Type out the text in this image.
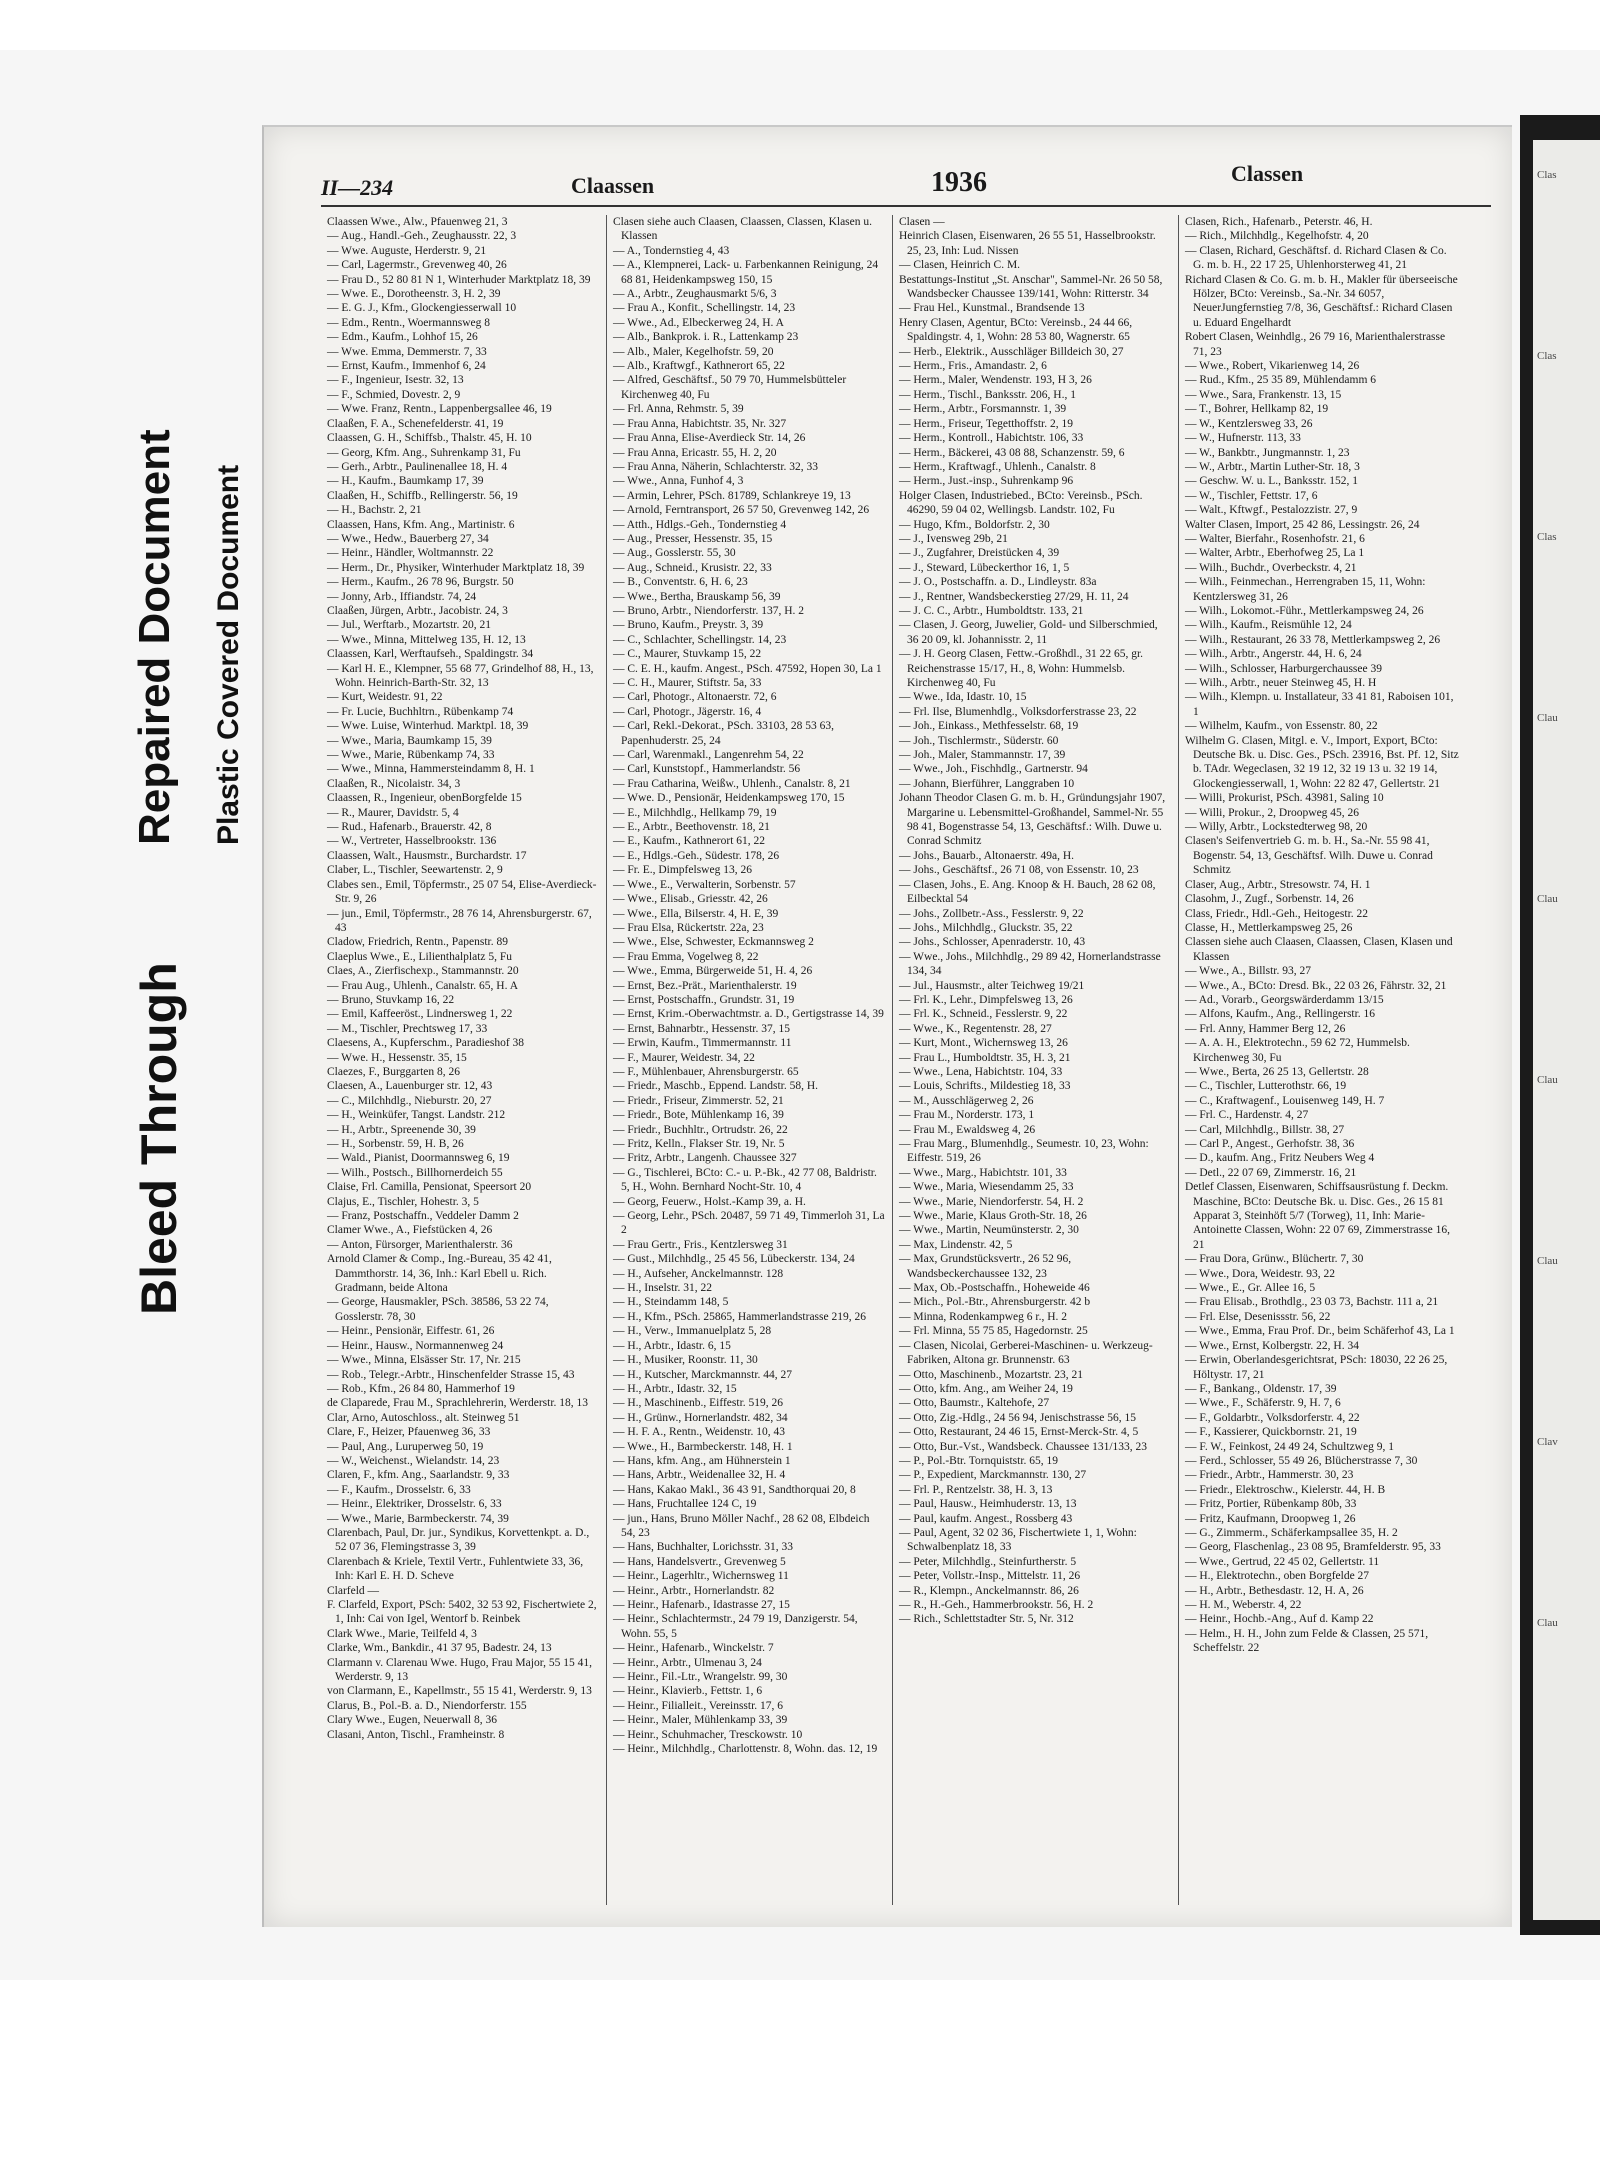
Bleed Through
Repaired Document Plastic Covered Document
Clas
Clas
Clas
Clau
Clau
Clau
Clau
Clav
Clau
II—234	Claassen	1936	Classen

Claassen Wwe., Alw., Pfauenweg 21, 3

— Aug., Handl.-Geh., Zeughausstr. 22, 3

— Wwe. Auguste, Herderstr. 9, 21

— Carl, Lagermstr., Grevenweg 40, 26

— Frau D., 52 80 81 N 1, Winterhuder Marktplatz 18, 39

— Wwe. E., Dorotheenstr. 3, H. 2, 39

— E. G. J., Kfm., Glockengiesserwall 10

— Edm., Rentn., Woermannsweg 8

— Edm., Kaufm., Lohhof 15, 26

— Wwe. Emma, Demmerstr. 7, 33

— Ernst, Kaufm., Immenhof 6, 24

— F., Ingenieur, Isestr. 32, 13

— F., Schmied, Dovestr. 2, 9

— Wwe. Franz, Rentn., Lappenbergsallee 46, 19

Claaßen, F. A., Schenefelderstr. 41, 19

Claassen, G. H., Schiffsb., Thalstr. 45, H. 10

— Georg, Kfm. Ang., Suhrenkamp 31, Fu

— Gerh., Arbtr., Paulinenallee 18, H. 4

— H., Kaufm., Baumkamp 17, 39

Claaßen, H., Schiffb., Rellingerstr. 56, 19

— H., Bachstr. 2, 21

Claassen, Hans, Kfm. Ang., Martinistr. 6

— Wwe., Hedw., Bauerberg 27, 34

— Heinr., Händler, Woltmannstr. 22

— Herm., Dr., Physiker, Winterhuder Marktplatz 18, 39

— Herm., Kaufm., 26 78 96, Burgstr. 50

— Jonny, Arb., Iffiandstr. 74, 24

Claaßen, Jürgen, Arbtr., Jacobistr. 24, 3

— Jul., Werftarb., Mozartstr. 20, 21

— Wwe., Minna, Mittelweg 135, H. 12, 13

Claassen, Karl, Werftaufseh., Spaldingstr. 34

— Karl H. E., Klempner, 55 68 77, Grindelhof 88, H., 13, Wohn. Heinrich-Barth-Str. 32, 13

— Kurt, Weidestr. 91, 22

— Fr. Lucie, Buchhltrn., Rübenkamp 74

— Wwe. Luise, Winterhud. Marktpl. 18, 39

— Wwe., Maria, Baumkamp 15, 39

— Wwe., Marie, Rübenkamp 74, 33

— Wwe., Minna, Hammersteindamm 8, H. 1

Claaßen, R., Nicolaistr. 34, 3

Claassen, R., Ingenieur, obenBorgfelde 15

— R., Maurer, Davidstr. 5, 4

— Rud., Hafenarb., Brauerstr. 42, 8

— W., Vertreter, Hasselbrookstr. 136

Claassen, Walt., Hausmstr., Burchardstr. 17

Claber, L., Tischler, Seewartenstr. 2, 9

Clabes sen., Emil, Töpfermstr., 25 07 54, Elise-Averdieck-Str. 9, 26

— jun., Emil, Töpfermstr., 28 76 14, Ahrensburgerstr. 67, 43

Cladow, Friedrich, Rentn., Papenstr. 89

Claeplus Wwe., E., Lilienthalplatz 5, Fu

Claes, A., Zierfischexp., Stammannstr. 20

— Frau Aug., Uhlenh., Canalstr. 65, H. A

— Bruno, Stuvkamp 16, 22

— Emil, Kaffeeröst., Lindnersweg 1, 22

— M., Tischler, Prechtsweg 17, 33

Claesens, A., Kupferschm., Paradieshof 38

— Wwe. H., Hessenstr. 35, 15

Claezes, F., Burggarten 8, 26

Claesen, A., Lauenburger str. 12, 43

— C., Milchhdlg., Nieburstr. 20, 27

— H., Weinküfer, Tangst. Landstr. 212

— H., Arbtr., Spreenende 30, 39

— H., Sorbenstr. 59, H. B, 26

— Wald., Pianist, Doormannsweg 6, 19

— Wilh., Postsch., Billhornerdeich 55

Claise, Frl. Camilla, Pensionat, Speersort 20

Clajus, E., Tischler, Hohestr. 3, 5

— Franz, Postschaffn., Veddeler Damm 2

Clamer Wwe., A., Fiefstücken 4, 26

— Anton, Fürsorger, Marienthalerstr. 36

Arnold Clamer & Comp., Ing.-Bureau, 35 42 41, Dammthorstr. 14, 36, Inh.: Karl Ebell u. Rich. Gradmann, beide Altona

— George, Hausmakler, PSch. 38586, 53 22 74, Gosslerstr. 78, 30

— Heinr., Pensionär, Eiffestr. 61, 26

— Heinr., Hausw., Normannenweg 24

— Wwe., Minna, Elsässer Str. 17, Nr. 215

— Rob., Telegr.-Arbtr., Hinschenfelder Strasse 15, 43

— Rob., Kfm., 26 84 80, Hammerhof 19

de Claparede, Frau M., Sprachlehrerin, Werderstr. 18, 13

Clar, Arno, Autoschloss., alt. Steinweg 51

Clare, F., Heizer, Pfauenweg 36, 33

— Paul, Ang., Luruperweg 50, 19

— W., Weichenst., Wielandstr. 14, 23

Claren, F., kfm. Ang., Saarlandstr. 9, 33

— F., Kaufm., Drosselstr. 6, 33

— Heinr., Elektriker, Drosselstr. 6, 33

— Wwe., Marie, Barmbeckerstr. 74, 39

Clarenbach, Paul, Dr. jur., Syndikus, Korvettenkpt. a. D., 52 07 36, Flemingstrasse 3, 39

Clarenbach & Kriele, Textil Vertr., Fuhlentwiete 33, 36, Inh: Karl E. H. D. Scheve

Clarfeld —

F. Clarfeld, Export, PSch: 5402, 32 53 92, Fischertwiete 2, 1, Inh: Cai von Igel, Wentorf b. Reinbek

Clark Wwe., Marie, Teilfeld 4, 3

Clarke, Wm., Bankdir., 41 37 95, Badestr. 24, 13

Clarmann v. Clarenau Wwe. Hugo, Frau Major, 55 15 41, Werderstr. 9, 13

von Clarmann, E., Kapellmstr., 55 15 41, Werderstr. 9, 13

Clarus, B., Pol.-B. a. D., Niendorferstr. 155

Clary Wwe., Eugen, Neuerwall 8, 36

Clasani, Anton, Tischl., Framheinstr. 8

Clasen siehe auch Claasen, Claassen, Classen, Klasen u. Klassen

— A., Tondernstieg 4, 43

— A., Klempnerei, Lack- u. Farbenkannen Reinigung, 24 68 81, Heidenkampsweg 150, 15

— A., Arbtr., Zeughausmarkt 5/6, 3

— Frau A., Konfit., Schellingstr. 14, 23

— Wwe., Ad., Elbeckerweg 24, H. A

— Alb., Bankprok. i. R., Lattenkamp 23

— Alb., Maler, Kegelhofstr. 59, 20

— Alb., Kraftwgf., Kathnerort 65, 22

— Alfred, Geschäftsf., 50 79 70, Hummelsbütteler Kirchenweg 40, Fu

— Frl. Anna, Rehmstr. 5, 39

— Frau Anna, Habichtstr. 35, Nr. 327

— Frau Anna, Elise-Averdieck Str. 14, 26

— Frau Anna, Ericastr. 55, H. 2, 20

— Frau Anna, Näherin, Schlachterstr. 32, 33

— Wwe., Anna, Funhof 4, 3

— Armin, Lehrer, PSch. 81789, Schlankreye 19, 13

— Arnold, Ferntransport, 26 57 50, Grevenweg 142, 26

— Atth., Hdlgs.-Geh., Tondernstieg 4

— Aug., Presser, Hessenstr. 35, 15

— Aug., Gosslerstr. 55, 30

— Aug., Schneid., Krusistr. 22, 33

— B., Conventstr. 6, H. 6, 23

— Wwe., Bertha, Brauskamp 56, 39

— Bruno, Arbtr., Niendorferstr. 137, H. 2

— Bruno, Kaufm., Preystr. 3, 39

— C., Schlachter, Schellingstr. 14, 23

— C., Maurer, Stuvkamp 15, 22

— C. E. H., kaufm. Angest., PSch. 47592, Hopen 30, La 1

— C. H., Maurer, Stiftstr. 5a, 33

— Carl, Photogr., Altonaerstr. 72, 6

— Carl, Photogr., Jägerstr. 16, 4

— Carl, Rekl.-Dekorat., PSch. 33103, 28 53 63, Papenhuderstr. 25, 24

— Carl, Warenmakl., Langenrehm 54, 22

— Carl, Kunststopf., Hammerlandstr. 56

— Frau Catharina, Weißw., Uhlenh., Canalstr. 8, 21

— Wwe. D., Pensionär, Heidenkampsweg 170, 15

— E., Milchhdlg., Hellkamp 79, 19

— E., Arbtr., Beethovenstr. 18, 21

— E., Kaufm., Kathnerort 61, 22

— E., Hdlgs.-Geh., Südestr. 178, 26

— Fr. E., Dimpfelsweg 13, 26

— Wwe., E., Verwalterin, Sorbenstr. 57

— Wwe., Elisab., Griesstr. 42, 26

— Wwe., Ella, Bilserstr. 4, H. E, 39

— Frau Elsa, Rückertstr. 22a, 23

— Wwe., Else, Schwester, Eckmannsweg 2

— Frau Emma, Vogelweg 8, 22

— Wwe., Emma, Bürgerweide 51, H. 4, 26

— Ernst, Bez.-Prät., Marienthalerstr. 19

— Ernst, Postschaffn., Grundstr. 31, 19

— Ernst, Krim.-Oberwachtmstr. a. D., Gertigstrasse 14, 39

— Ernst, Bahnarbtr., Hessenstr. 37, 15

— Erwin, Kaufm., Timmermannstr. 11

— F., Maurer, Weidestr. 34, 22

— F., Mühlenbauer, Ahrensburgerstr. 65

— Friedr., Maschb., Eppend. Landstr. 58, H.

— Friedr., Friseur, Zimmerstr. 52, 21

— Friedr., Bote, Mühlenkamp 16, 39

— Friedr., Buchhltr., Ortrudstr. 26, 22

— Fritz, Kelln., Flakser Str. 19, Nr. 5

— Fritz, Arbtr., Langenh. Chaussee 327

— G., Tischlerei, BCto: C.- u. P.-Bk., 42 77 08, Baldristr. 5, H., Wohn. Bernhard Nocht-Str. 10, 4

— Georg, Feuerw., Holst.-Kamp 39, a. H.

— Georg, Lehr., PSch. 20487, 59 71 49, Timmerloh 31, La 2

— Frau Gertr., Fris., Kentzlersweg 31

— Gust., Milchhdlg., 25 45 56, Lübeckerstr. 134, 24

— H., Aufseher, Anckelmannstr. 128

— H., Inselstr. 31, 22

— H., Steindamm 148, 5

— H., Kfm., PSch. 25865, Hammerlandstrasse 219, 26

— H., Verw., Immanuelplatz 5, 28

— H., Arbtr., Idastr. 6, 15

— H., Musiker, Roonstr. 11, 30

— H., Kutscher, Marckmannstr. 44, 27

— H., Arbtr., Idastr. 32, 15

— H., Maschinenb., Eiffestr. 519, 26

— H., Grünw., Hornerlandstr. 482, 34

— H. F. A., Rentn., Weidenstr. 10, 43

— Wwe., H., Barmbeckerstr. 148, H. 1

— Hans, kfm. Ang., am Hühnerstein 1

— Hans, Arbtr., Weidenallee 32, H. 4

— Hans, Kakao Makl., 36 43 91, Sandthorquai 20, 8

— Hans, Fruchtallee 124 C, 19

— jun., Hans, Bruno Möller Nachf., 28 62 08, Elbdeich 54, 23

— Hans, Buchhalter, Lorichsstr. 31, 33

— Hans, Handelsvertr., Grevenweg 5

— Heinr., Lagerhltr., Wichernsweg 11

— Heinr., Arbtr., Hornerlandstr. 82

— Heinr., Hafenarb., Idastrasse 27, 15

— Heinr., Schlachtermstr., 24 79 19, Danzigerstr. 54, Wohn. 55, 5

— Heinr., Hafenarb., Winckelstr. 7

— Heinr., Arbtr., Ulmenau 3, 24

— Heinr., Fil.-Ltr., Wrangelstr. 99, 30

— Heinr., Klavierb., Fettstr. 1, 6

— Heinr., Filialleit., Vereinsstr. 17, 6

— Heinr., Maler, Mühlenkamp 33, 39

— Heinr., Schuhmacher, Tresckowstr. 10

— Heinr., Milchhdlg., Charlottenstr. 8, Wohn. das. 12, 19

Clasen —

Heinrich Clasen, Eisenwaren, 26 55 51, Hasselbrookstr. 25, 23, Inh: Lud. Nissen

— Clasen, Heinrich C. M.

Bestattungs-Institut „St. Anschar", Sammel-Nr. 26 50 58, Wandsbecker Chaussee 139/141, Wohn: Ritterstr. 34

— Frau Hel., Kunstmal., Brandsende 13

Henry Clasen, Agentur, BCto: Vereinsb., 24 44 66, Spaldingstr. 4, 1, Wohn: 28 53 80, Wagnerstr. 65

— Herb., Elektrik., Ausschläger Billdeich 30, 27

— Herm., Fris., Amandastr. 2, 6

— Herm., Maler, Wendenstr. 193, H 3, 26

— Herm., Tischl., Banksstr. 206, H., 1

— Herm., Arbtr., Forsmannstr. 1, 39

— Herm., Friseur, Tegetthoffstr. 2, 19

— Herm., Kontroll., Habichtstr. 106, 33

— Herm., Bäckerei, 43 08 88, Schanzenstr. 59, 6

— Herm., Kraftwagf., Uhlenh., Canalstr. 8

— Herm., Just.-insp., Suhrenkamp 96

Holger Clasen, Industriebed., BCto: Vereinsb., PSch. 46290, 59 04 02, Wellingsb. Landstr. 102, Fu

— Hugo, Kfm., Boldorfstr. 2, 30

— J., Ivensweg 29b, 21

— J., Zugfahrer, Dreistücken 4, 39

— J., Steward, Lübeckerthor 16, 1, 5

— J. O., Postschaffn. a. D., Lindleystr. 83a

— J., Rentner, Wandsbeckerstieg 27/29, H. 11, 24

— J. C. C., Arbtr., Humboldtstr. 133, 21

— Clasen, J. Georg, Juwelier, Gold- und Silberschmied, 36 20 09, kl. Johannisstr. 2, 11

— J. H. Georg Clasen, Fettw.-Großhdl., 31 22 65, gr. Reichenstrasse 15/17, H., 8, Wohn: Hummelsb. Kirchenweg 40, Fu

— Wwe., Ida, Idastr. 10, 15

— Frl. Ilse, Blumenhdlg., Volksdorferstrasse 23, 22

— Joh., Einkass., Methfesselstr. 68, 19

— Joh., Tischlermstr., Süderstr. 60

— Joh., Maler, Stammannstr. 17, 39

— Wwe., Joh., Fischhdlg., Gartnerstr. 94

— Johann, Bierführer, Langgraben 10

Johann Theodor Clasen G. m. b. H., Gründungsjahr 1907, Margarine u. Lebensmittel-Großhandel, Sammel-Nr. 55 98 41, Bogenstrasse 54, 13, Geschäftsf.: Wilh. Duwe u. Conrad Schmitz

— Johs., Bauarb., Altonaerstr. 49a, H.

— Johs., Geschäftsf., 26 71 08, von Essenstr. 10, 23

— Clasen, Johs., E. Ang. Knoop & H. Bauch, 28 62 08, Eilbecktal 54

— Johs., Zollbetr.-Ass., Fesslerstr. 9, 22

— Johs., Milchhdlg., Gluckstr. 35, 22

— Johs., Schlosser, Apenraderstr. 10, 43

— Wwe., Johs., Milchhdlg., 29 89 42, Hornerlandstrasse 134, 34

— Jul., Hausmstr., alter Teichweg 19/21

— Frl. K., Lehr., Dimpfelsweg 13, 26

— Frl. K., Schneid., Fesslerstr. 9, 22

— Wwe., K., Regentenstr. 28, 27

— Kurt, Mont., Wichernsweg 13, 26

— Frau L., Humboldtstr. 35, H. 3, 21

— Wwe., Lena, Habichtstr. 104, 33

— Louis, Schrifts., Mildestieg 18, 33

— M., Ausschlägerweg 2, 26

— Frau M., Norderstr. 173, 1

— Frau M., Ewaldsweg 4, 26

— Frau Marg., Blumenhdlg., Seumestr. 10, 23, Wohn: Eiffestr. 519, 26

— Wwe., Marg., Habichtstr. 101, 33

— Wwe., Maria, Wiesendamm 25, 33

— Wwe., Marie, Niendorferstr. 54, H. 2

— Wwe., Marie, Klaus Groth-Str. 18, 26

— Wwe., Martin, Neumünsterstr. 2, 30

— Max, Lindenstr. 42, 5

— Max, Grundstücksvertr., 26 52 96, Wandsbeckerchaussee 132, 23

— Max, Ob.-Postschaffn., Hoheweide 46

— Mich., Pol.-Btr., Ahrensburgerstr. 42 b

— Minna, Rodenkampweg 6 r., H. 2

— Frl. Minna, 55 75 85, Hagedornstr. 25

— Clasen, Nicolai, Gerberei-Maschinen- u. Werkzeug-Fabriken, Altona gr. Brunnenstr. 63

— Otto, Maschinenb., Mozartstr. 23, 21

— Otto, kfm. Ang., am Weiher 24, 19

— Otto, Baumstr., Kaltehofe, 27

— Otto, Zig.-Hdlg., 24 56 94, Jenischstrasse 56, 15

— Otto, Restaurant, 24 46 15, Ernst-Merck-Str. 4, 5

— Otto, Bur.-Vst., Wandsbeck. Chaussee 131/133, 23

— P., Pol.-Btr. Tornquiststr. 65, 19

— P., Expedient, Marckmannstr. 130, 27

— Frl. P., Rentzelstr. 38, H. 3, 13

— Paul, Hausw., Heimhuderstr. 13, 13

— Paul, kaufm. Angest., Rossberg 43

— Paul, Agent, 32 02 36, Fischertwiete 1, 1, Wohn: Schwalbenplatz 18, 33

— Peter, Milchhdlg., Steinfurtherstr. 5

— Peter, Vollstr.-Insp., Mittelstr. 11, 26

— R., Klempn., Anckelmannstr. 86, 26

— R., H.-Geh., Hammerbrookstr. 56, H. 2

— Rich., Schlettstadter Str. 5, Nr. 312

Clasen, Rich., Hafenarb., Peterstr. 46, H.

— Rich., Milchhdlg., Kegelhofstr. 4, 20

— Clasen, Richard, Geschäftsf. d. Richard Clasen & Co. G. m. b. H., 22 17 25, Uhlenhorsterweg 41, 21

Richard Clasen & Co. G. m. b. H., Makler für überseeische Hölzer, BCto: Vereinsb., Sa.-Nr. 34 6057, NeuerJungfernstieg 7/8, 36, Geschäftsf.: Richard Clasen u. Eduard Engelhardt

Robert Clasen, Weinhdlg., 26 79 16, Marienthalerstrasse 71, 23

— Wwe., Robert, Vikarienweg 14, 26

— Rud., Kfm., 25 35 89, Mühlendamm 6

— Wwe., Sara, Frankenstr. 13, 15

— T., Bohrer, Hellkamp 82, 19

— W., Kentzlersweg 33, 26

— W., Hufnerstr. 113, 33

— W., Bankbtr., Jungmannstr. 1, 23

— W., Arbtr., Martin Luther-Str. 18, 3

— Geschw. W. u. L., Banksstr. 152, 1

— W., Tischler, Fettstr. 17, 6

— Walt., Kftwgf., Pestalozzistr. 27, 9

Walter Clasen, Import, 25 42 86, Lessingstr. 26, 24

— Walter, Bierfahr., Rosenhofstr. 21, 6

— Walter, Arbtr., Eberhofweg 25, La 1

— Wilh., Buchdr., Overbeckstr. 4, 21

— Wilh., Feinmechan., Herrengraben 15, 11, Wohn: Kentzlersweg 31, 26

— Wilh., Lokomot.-Führ., Mettlerkampsweg 24, 26

— Wilh., Kaufm., Reismühle 12, 24

— Wilh., Restaurant, 26 33 78, Mettlerkampsweg 2, 26

— Wilh., Arbtr., Angerstr. 44, H. 6, 24

— Wilh., Schlosser, Harburgerchaussee 39

— Wilh., Arbtr., neuer Steinweg 45, H. H

— Wilh., Klempn. u. Installateur, 33 41 81, Raboisen 101, 1

— Wilhelm, Kaufm., von Essenstr. 80, 22

Wilhelm G. Clasen, Mitgl. e. V., Import, Export, BCto: Deutsche Bk. u. Disc. Ges., PSch. 23916, Bst. Pf. 12, Sitz b. TAdr. Wegeclasen, 32 19 12, 32 19 13 u. 32 19 14, Glockengiesserwall, 1, Wohn: 22 82 47, Gellertstr. 21

— Willi, Prokurist, PSch. 43981, Saling 10

— Willi, Prokur., 2, Droopweg 45, 26

— Willy, Arbtr., Lockstedterweg 98, 20

Clasen's Seifenvertrieb G. m. b. H., Sa.-Nr. 55 98 41, Bogenstr. 54, 13, Geschäftsf. Wilh. Duwe u. Conrad Schmitz

Claser, Aug., Arbtr., Stresowstr. 74, H. 1

Clasohm, J., Zugf., Sorbenstr. 14, 26

Class, Friedr., Hdl.-Geh., Heitogestr. 22

Classe, H., Mettlerkampsweg 25, 26

Classen siehe auch Claasen, Claassen, Clasen, Klasen und Klassen

— Wwe., A., Billstr. 93, 27

— Wwe., A., BCto: Dresd. Bk., 22 03 26, Fährstr. 32, 21

— Ad., Vorarb., Georgswärderdamm 13/15

— Alfons, Kaufm., Ang., Rellingerstr. 16

— Frl. Anny, Hammer Berg 12, 26

— A. A. H., Elektrotechn., 59 62 72, Hummelsb. Kirchenweg 30, Fu

— Wwe., Berta, 26 25 13, Gellertstr. 28

— C., Tischler, Lutterothstr. 66, 19

— C., Kraftwagenf., Louisenweg 149, H. 7

— Frl. C., Hardenstr. 4, 27

— Carl, Milchhdlg., Billstr. 38, 27

— Carl P., Angest., Gerhofstr. 38, 36

— D., kaufm. Ang., Fritz Neubers Weg 4

— Detl., 22 07 69, Zimmerstr. 16, 21

Detlef Classen, Eisenwaren, Schiffsausrüstung f. Deckm. Maschine, BCto: Deutsche Bk. u. Disc. Ges., 26 15 81 Apparat 3, Steinhöft 5/7 (Torweg), 11, Inh: Marie-Antoinette Classen, Wohn: 22 07 69, Zimmerstrasse 16, 21

— Frau Dora, Grünw., Blüchertr. 7, 30

— Wwe., Dora, Weidestr. 93, 22

— Wwe., E., Gr. Allee 16, 5

— Frau Elisab., Brothdlg., 23 03 73, Bachstr. 111 a, 21

— Frl. Else, Desenissstr. 56, 22

— Wwe., Emma, Frau Prof. Dr., beim Schäferhof 43, La 1

— Wwe., Ernst, Kolbergstr. 22, H. 34

— Erwin, Oberlandesgerichtsrat, PSch: 18030, 22 26 25, Höltystr. 17, 21

— F., Bankang., Oldenstr. 17, 39

— Wwe., F., Schäferstr. 9, H. 7, 6

— F., Goldarbtr., Volksdorferstr. 4, 22

— F., Kassierer, Quickbornstr. 21, 19

— F. W., Feinkost, 24 49 24, Schultzweg 9, 1

— Ferd., Schlosser, 55 49 26, Blücherstrasse 7, 30

— Friedr., Arbtr., Hammerstr. 30, 23

— Friedr., Elektroschw., Kielerstr. 44, H. B

— Fritz, Portier, Rübenkamp 80b, 33

— Fritz, Kaufmann, Droopweg 1, 26

— G., Zimmerm., Schäferkampsallee 35, H. 2

— Georg, Flaschenlag., 23 08 95, Bramfelderstr. 95, 33

— Wwe., Gertrud, 22 45 02, Gellertstr. 11

— H., Elektrotechn., oben Borgfelde 27

— H., Arbtr., Bethesdastr. 12, H. A, 26

— H. M., Weberstr. 4, 22

— Heinr., Hochb.-Ang., Auf d. Kamp 22

— Helm., H. H., John zum Felde & Classen, 25 571, Scheffelstr. 22
